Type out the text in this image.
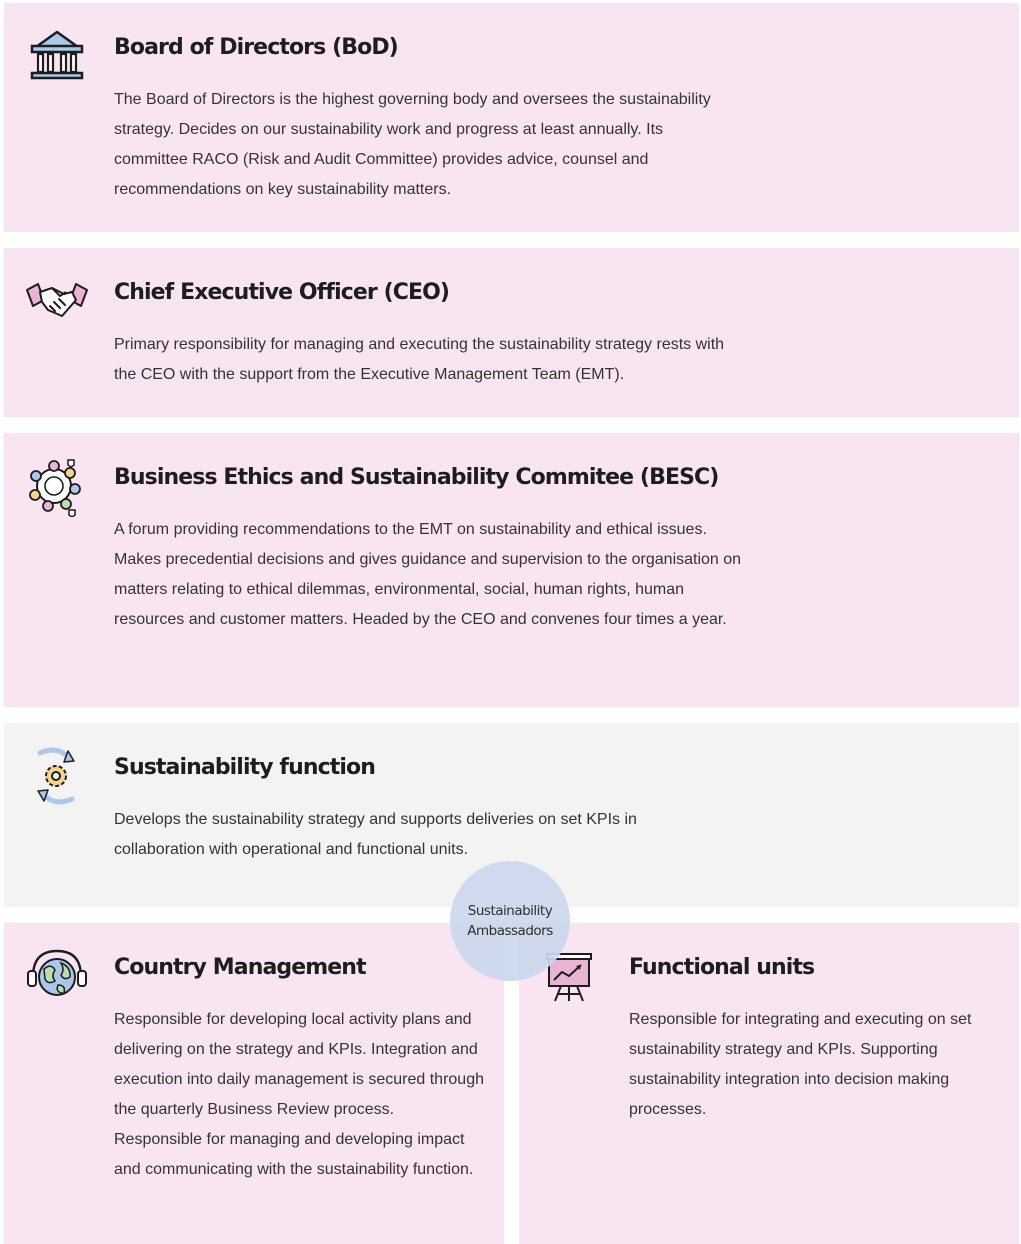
Board of Directors (BoD)

The Board of Directors is the highest governing body and oversees the sustainability strategy. Decides on our sustainability work and progress at least annually. Its committee RACO (Risk and Audit Committee) provides advice, counsel and recommendations on key sustainability matters.

Chief Executive Officer (CEO)

Primary responsibility for managing and executing the sustainability strategy rests with the CEO with the support from the Executive Management Team (EMT).

Business Ethics and Sustainability Commitee (BESC)

A forum providing recommendations to the EMT on sustainability and ethical issues. Makes precedential decisions and gives guidance and supervision to the organisation on matters relating to ethical dilemmas, environmental, social, human rights, human resources and customer matters. Headed by the CEO and convenes four times a year.

Sustainability function

Develops the sustainability strategy and supports deliveries on set KPIs in collaboration with operational and functional units.

Country Management

Responsible for developing local activity plans and delivering on the strategy and KPIs. Integration and execution into daily management is secured through the quarterly Business Review process. Responsible for managing and developing impact and communicating with the sustainability function.

Functional units

Responsible for integrating and executing on set sustainability strategy and KPIs. Supporting sustainability integration into decision making processes.

Sustainability Ambassadors
